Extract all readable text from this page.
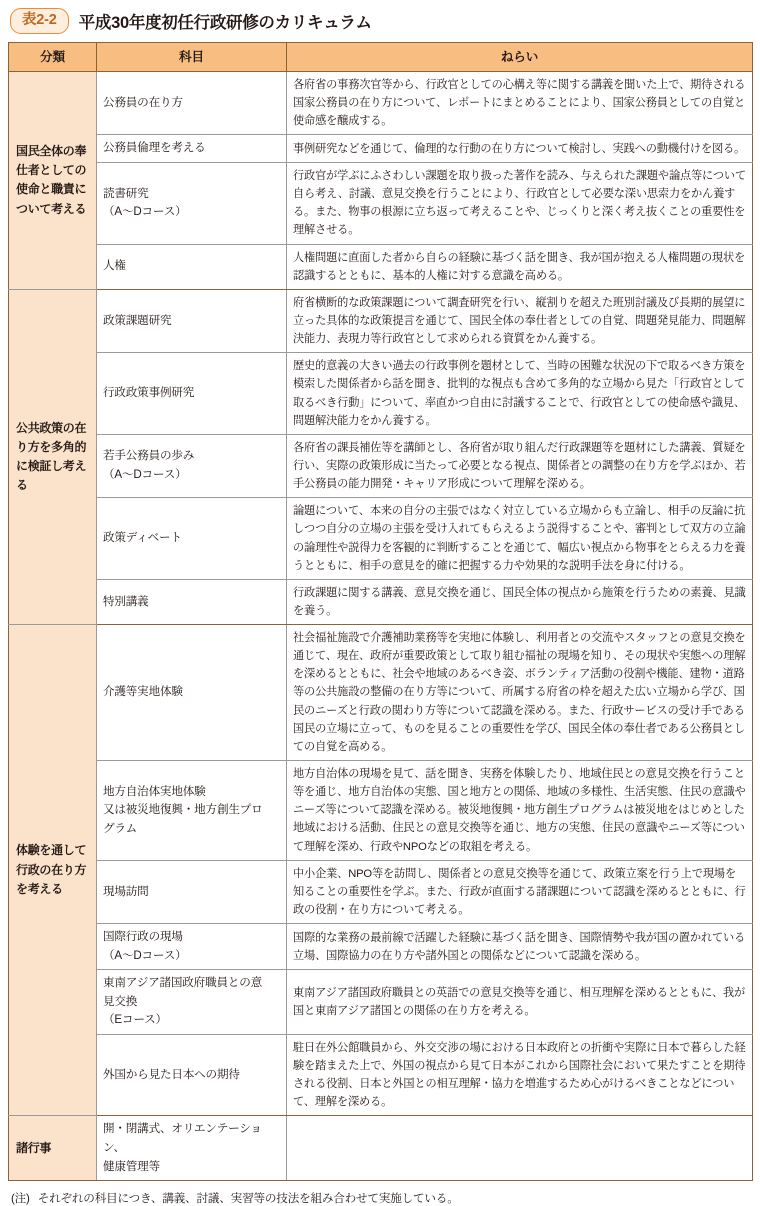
表2-2	平成30年度初任行政研修のカリキュラム
分類	科目	ねらい
国民全体の奉仕者としての使命と職責について考える	公務員の在り方	各府省の事務次官等から、行政官としての心構え等に関する講義を聞いた上で、期待される国家公務員の在り方について、レポートにまとめることにより、国家公務員としての自覚と使命感を醸成する。

	公務員倫理を考える	事例研究などを通じて、倫理的な行動の在り方について検討し、実践への動機付けを図る。

	読書研究
（A〜Dコース）	行政官が学ぶにふさわしい課題を取り扱った著作を読み、与えられた課題や論点等について自ら考え、討議、意見交換を行うことにより、行政官として必要な深い思索力をかん養する。また、物事の根源に立ち返って考えることや、じっくりと深く考え抜くことの重要性を理解させる。

	人権	人権問題に直面した者から自らの経験に基づく話を聞き、我が国が抱える人権問題の現状を認識するとともに、基本的人権に対する意識を高める。
公共政策の在り方を多角的に検証し考える	政策課題研究	府省横断的な政策課題について調査研究を行い、縦割りを超えた班別討議及び長期的展望に立った具体的な政策提言を通じて、国民全体の奉仕者としての自覚、問題発見能力、問題解決能力、表現力等行政官として求められる資質をかん養する。

	行政政策事例研究	歴史的意義の大きい過去の行政事例を題材として、当時の困難な状況の下で取るべき方策を模索した関係者から話を聞き、批判的な視点も含めて多角的な立場から見た「行政官として取るべき行動」について、率直かつ自由に討議することで、行政官としての使命感や識見、問題解決能力をかん養する。

	若手公務員の歩み
（A〜Dコース）	各府省の課長補佐等を講師とし、各府省が取り組んだ行政課題等を題材にした講義、質疑を行い、実際の政策形成に当たって必要となる視点、関係者との調整の在り方を学ぶほか、若手公務員の能力開発・キャリア形成について理解を深める。

	政策ディベート	論題について、本来の自分の主張ではなく対立している立場からも立論し、相手の反論に抗しつつ自分の立場の主張を受け入れてもらえるよう説得することや、審判として双方の立論の論理性や説得力を客観的に判断することを通じて、幅広い視点から物事をとらえる力を養うとともに、相手の意見を的確に把握する力や効果的な説明手法を身に付ける。

	特別講義	行政課題に関する講義、意見交換を通じ、国民全体の視点から施策を行うための素養、見識を養う。
体験を通して行政の在り方を考える	介護等実地体験	社会福祉施設で介護補助業務等を実地に体験し、利用者との交流やスタッフとの意見交換を通じて、現在、政府が重要政策として取り組む福祉の現場を知り、その現状や実態への理解を深めるとともに、社会や地域のあるべき姿、ボランティア活動の役割や機能、建物・道路等の公共施設の整備の在り方等について、所属する府省の枠を超えた広い立場から学び、国民のニーズと行政の関わり方等について認識を深める。また、行政サービスの受け手である国民の立場に立って、ものを見ることの重要性を学び、国民全体の奉仕者である公務員としての自覚を高める。

	地方自治体実地体験
又は被災地復興・地方創生プロ
グラム	地方自治体の現場を見て、話を聞き、実務を体験したり、地域住民との意見交換を行うこと等を通じ、地方自治体の実態、国と地方との関係、地域の多様性、生活実態、住民の意識やニーズ等について認識を深める。被災地復興・地方創生プログラムは被災地をはじめとした地域における活動、住民との意見交換等を通じ、地方の実態、住民の意識やニーズ等について理解を深め、行政やNPOなどの取組を考える。

	現場訪問	中小企業、NPO等を訪問し、関係者との意見交換等を通じて、政策立案を行う上で現場を知ることの重要性を学ぶ。また、行政が直面する諸課題について認識を深めるとともに、行政の役割・在り方について考える。

	国際行政の現場
（A〜Dコース）	国際的な業務の最前線で活躍した経験に基づく話を聞き、国際情勢や我が国の置かれている立場、国際協力の在り方や諸外国との関係などについて認識を深める。

	東南アジア諸国政府職員との意
見交換
（Eコース）	東南アジア諸国政府職員との英語での意見交換等を通じ、相互理解を深めるとともに、我が国と東南アジア諸国との関係の在り方を考える。

	外国から見た日本への期待	駐日在外公館職員から、外交交渉の場における日本政府との折衝や実際に日本で暮らした経験を踏まえた上で、外国の視点から見て日本がこれから国際社会において果たすことを期待される役割、日本と外国との相互理解・協力を増進するため心がけるべきことなどについて、理解を深める。
諸行事	開・閉講式、オリエンテーション、
健康管理等	

(注) それぞれの科目につき、講義、討議、実習等の技法を組み合わせて実施している。
